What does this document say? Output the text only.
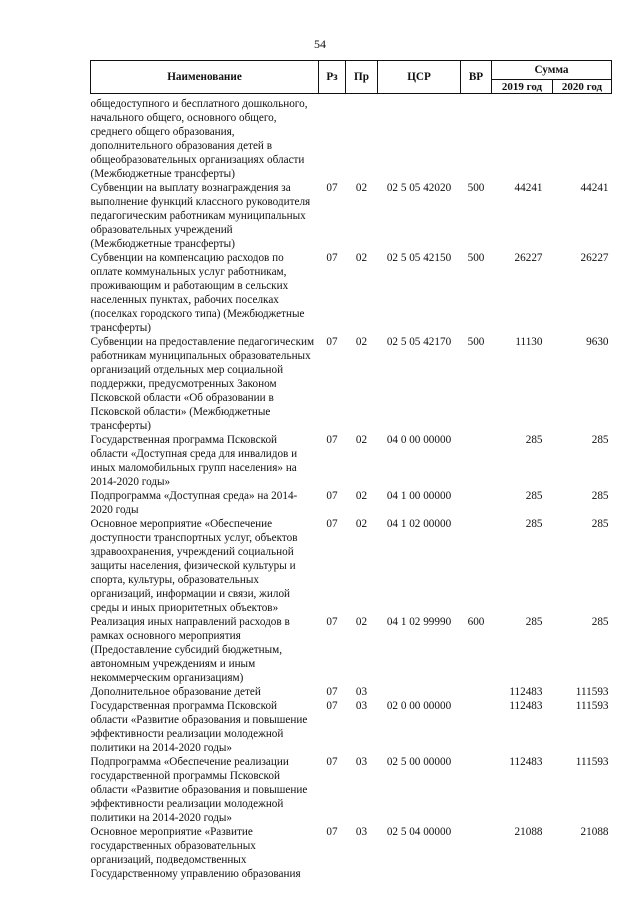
54
Наименование	Рз	Пр	ЦСР	ВР	Сумма	
					2019 год	2020 год
общедоступного и бесплатного дошкольного, начального общего, основного общего, среднего общего образования, дополнительного образования детей в общеобразовательных организациях области (Межбюджетные трансферты)						
Субвенции на выплату вознаграждения за выполнение функций классного руководителя педагогическим работникам муниципальных образовательных учреждений (Межбюджетные трансферты)	07	02	02 5 05 42020	500	44241	44241
Субвенции на компенсацию расходов по оплате коммунальных услуг работникам, проживающим и работающим в сельских населенных пунктах, рабочих поселках (поселках городского типа) (Межбюджетные трансферты)	07	02	02 5 05 42150	500	26227	26227
Субвенции на предоставление педагогическим работникам муниципальных образовательных организаций отдельных мер социальной поддержки, предусмотренных Законом Псковской области «Об образовании в Псковской области» (Межбюджетные трансферты)	07	02	02 5 05 42170	500	11130	9630
Государственная программа Псковской области «Доступная среда для инвалидов и иных маломобильных групп населения» на 2014-2020 годы»	07	02	04 0 00 00000		285	285
Подпрограмма «Доступная среда» на 2014-2020 годы	07	02	04 1 00 00000		285	285
Основное мероприятие «Обеспечение доступности транспортных услуг, объектов здравоохранения, учреждений социальной защиты населения, физической культуры и спорта, культуры, образовательных организаций, информации и связи, жилой среды и иных приоритетных объектов»	07	02	04 1 02 00000		285	285
Реализация иных направлений расходов в рамках основного мероприятия (Предоставление субсидий бюджетным, автономным учреждениям и иным некоммерческим организациям)	07	02	04 1 02 99990	600	285	285
Дополнительное образование детей	07	03			112483	111593
Государственная программа Псковской области «Развитие образования и повышение эффективности реализации молодежной политики на 2014-2020 годы»	07	03	02 0 00 00000		112483	111593
Подпрограмма «Обеспечение реализации государственной программы Псковской области «Развитие образования и повышение эффективности реализации молодежной политики на 2014-2020 годы»	07	03	02 5 00 00000		112483	111593
Основное мероприятие «Развитие государственных образовательных организаций, подведомственных Государственному управлению образования	07	03	02 5 04 00000		21088	21088
